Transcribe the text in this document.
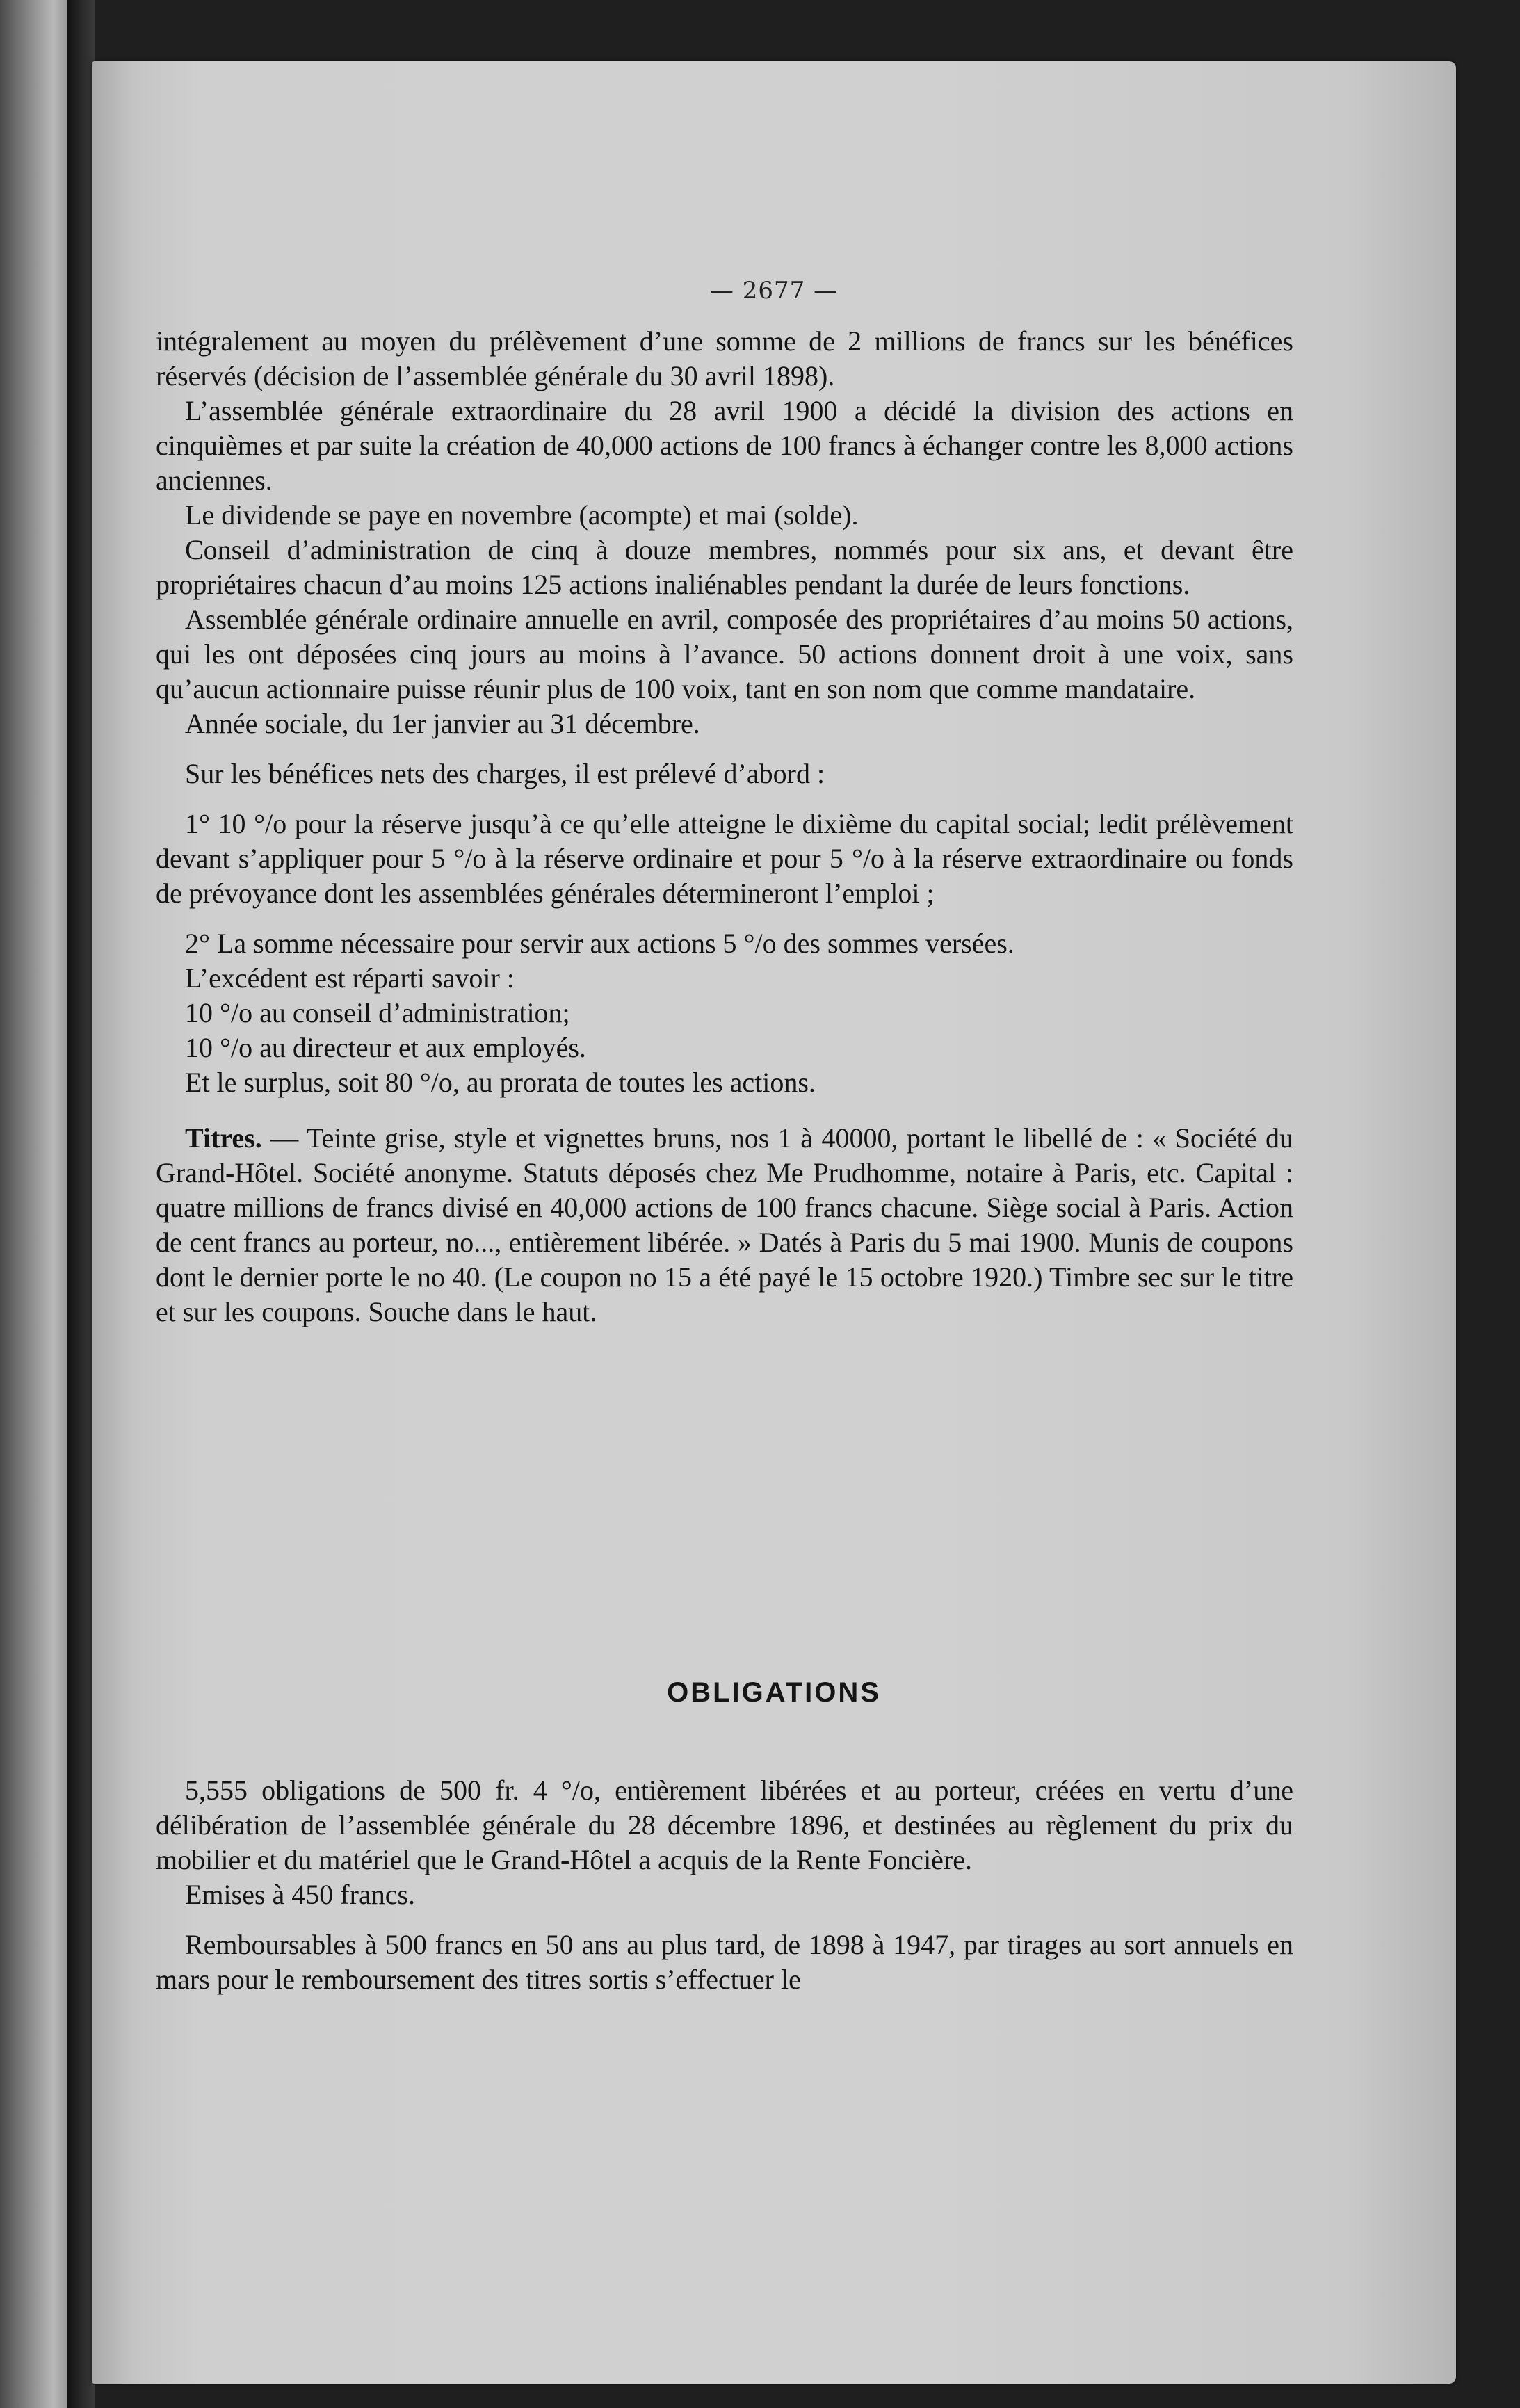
— 2677 —

intégralement au moyen du prélèvement d’une somme de 2 millions de francs sur les bénéfices réservés (décision de l’assemblée générale du 30 avril 1898).

L’assemblée générale extraordinaire du 28 avril 1900 a décidé la division des actions en cinquièmes et par suite la création de 40,000 actions de 100 francs à échanger contre les 8,000 actions anciennes.

Le dividende se paye en novembre (acompte) et mai (solde).

Conseil d’administration de cinq à douze membres, nommés pour six ans, et devant être propriétaires chacun d’au moins 125 actions inaliénables pendant la durée de leurs fonctions.

Assemblée générale ordinaire annuelle en avril, composée des propriétaires d’au moins 50 actions, qui les ont déposées cinq jours au moins à l’avance. 50 actions donnent droit à une voix, sans qu’aucun actionnaire puisse réunir plus de 100 voix, tant en son nom que comme mandataire.

Année sociale, du 1er janvier au 31 décembre.

Sur les bénéfices nets des charges, il est prélevé d’abord :

1° 10 °/o pour la réserve jusqu’à ce qu’elle atteigne le dixième du capital social; ledit prélèvement devant s’appliquer pour 5 °/o à la réserve ordinaire et pour 5 °/o à la réserve extraordinaire ou fonds de prévoyance dont les assemblées générales détermineront l’emploi ;

2° La somme nécessaire pour servir aux actions 5 °/o des sommes versées.

L’excédent est réparti savoir :

10 °/o au conseil d’administration;

10 °/o au directeur et aux employés.

Et le surplus, soit 80 °/o, au prorata de toutes les actions.

Titres. — Teinte grise, style et vignettes bruns, nos 1 à 40000, portant le libellé de : « Société du Grand-Hôtel. Société anonyme. Statuts déposés chez Me Prudhomme, notaire à Paris, etc. Capital : quatre millions de francs divisé en 40,000 actions de 100 francs chacune. Siège social à Paris. Action de cent francs au porteur, no..., entièrement libérée. » Datés à Paris du 5 mai 1900. Munis de coupons dont le dernier porte le no 40. (Le coupon no 15 a été payé le 15 octobre 1920.) Timbre sec sur le titre et sur les coupons. Souche dans le haut.

OBLIGATIONS

5,555 obligations de 500 fr. 4 °/o, entièrement libérées et au porteur, créées en vertu d’une délibération de l’assemblée générale du 28 décembre 1896, et destinées au règlement du prix du mobilier et du matériel que le Grand-Hôtel a acquis de la Rente Foncière.

Emises à 450 francs.

Remboursables à 500 francs en 50 ans au plus tard, de 1898 à 1947, par tirages au sort annuels en mars pour le remboursement des titres sortis s’effectuer le
